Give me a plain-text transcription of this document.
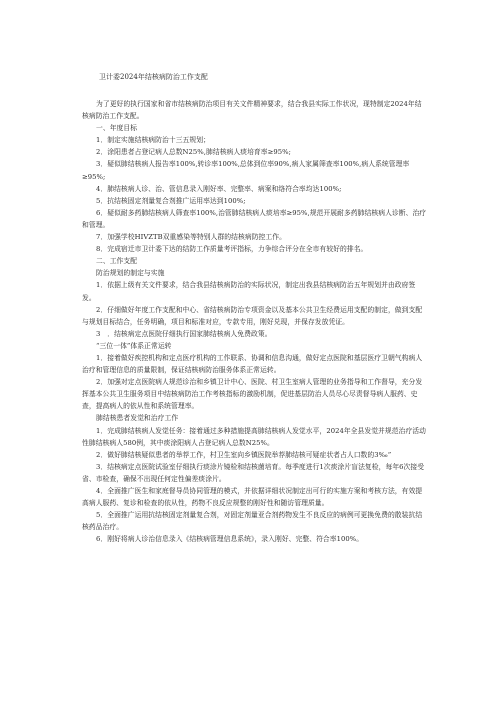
卫计委2024年结核病防治工作支配

为了更好的执行国家和省市结核病防治项目有关文件精神要求，结合我县实际工作状况，现特制定2024年结核病防治工作支配。

一、年度目标

1．制定实施结核病防治十三五规划；

2．涂阳患者占登记病人总数N25%,肺结核病人痰培育率≥95%;

3．疑似肺结核病人报告率100%,转诊率100%,总体到位率90%,病人家属筛查率100%,病人系统管理率≥95%;

4．肺结核病人诊、治、管信息录入刚好率、完整率、病案和络符合率均达100%;

5．抗结核固定剂量复合剂推广运用率达到100%;

6．疑似耐多药肺结核病人筛查率100%,治管肺结核病人痰培率≥95%,规范开展耐多药肺结核病人诊断、治疗和管理。

7．加强学校HIVZTB双重感染等特别人群的结核病防控工作。

8．完成宿迁市卫计委下达的结防工作质量考评指标，力争综合评分在全市有较好的排名。

二、工作支配

防治规划的制定与实施

1．依据上级有关文件要求，结合我县结核病防治的实际状况，制定出我县结核病防治五年规划并由政府签发。

2．仔细做好年度工作支配和中心、省结核病防治专项资金以及基本公共卫生经费运用支配的制定，做到支配与规划目标结合，任务明确，项目和标准对应，专款专用，刚好兑现，并保存发放凭证。

3　．结核病定点医院仔细执行国家肺结核病人免费政策。

“三位一体”体系正常运转

1．接着做好疾控机构和定点医疗机构的工作联系、协调和信息沟通，做好定点医院和基层医疗卫朝气构病人治疗和管理信息的质量限制，保证结核病防治服务体系正常运转。

2．加强对定点医院病人规范诊治和乡镇卫计中心、医院、村卫生室病人管理的业务指导和工作督导，充分发挥基本公共卫生服务项目中结核病防治工作考核指标的激励机制，促进基层防治人员尽心尽责督导病人服药、史查，提高病人的依从性和系统管理率。

肺结核患者发觉和治疗工作

1．完成肺结核病人发觉任务：接着通过多种措施提高肺结核病人发觉水平，2024年全县发觉并规范治疗活动性肺结核病人580例，其中痰涂阳病人占登记病人总数N25%。

2．做好肺结核疑似患者的举荐工作，村卫生室向乡镇医院举荐肺结核可疑症状者占人口数的3‰”

3．结核病定点医院试验室仔细执行痰涂片镜检和结核菌培育。每季度进行1次痰涂片盲法复检，每年6次接受省、市检查，确保不出现任何定性偏差痰涂片。

4．全面推广医生和家庭督导员协同管理的模式，并依据详细状况制定出可行的实施方案和考核方法，有效提高病人服药、复诊和检查的依从性，药物不良反应规整的刚好性和随访管理质量。

5．全面推广运用抗结核固定剂量复合剂，对固定剂量亚合剂药物发生不良反应的病例可更换免费的散装抗结核药品治疗。

6．刚好将病人诊治信息录入《结核病管理信息系统》，录入刚好、完整、符合率100%。
